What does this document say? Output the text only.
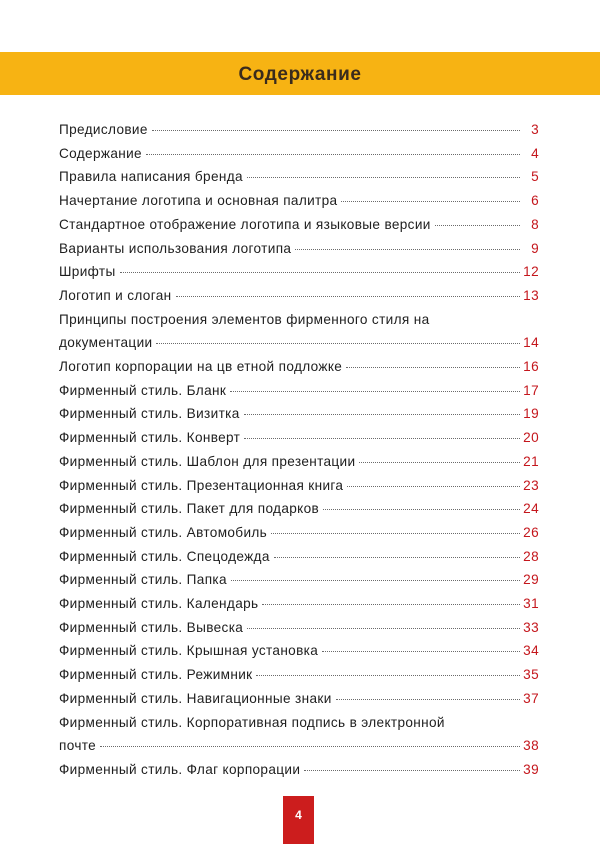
Содержание
Предисловие	3
Содержание	4
Правила написания бренда	5
Начертание логотипа и основная палитра	6
Стандартное отображение логотипа и языковые версии	8
Варианты использования логотипа	9
Шрифты	12
Логотип и слоган	13
Принципы построения элементов фирменного стиля на
документации	14
Логотип корпорации на цв етной подложке	16
Фирменный стиль. Бланк	17
Фирменный стиль. Визитка	19
Фирменный стиль. Конверт	20
Фирменный стиль. Шаблон для презентации	21
Фирменный стиль. Презентационная книга	23
Фирменный стиль. Пакет для подарков	24
Фирменный стиль. Автомобиль	26
Фирменный стиль. Спецодежда	28
Фирменный стиль. Папка	29
Фирменный стиль. Календарь	31
Фирменный стиль. Вывеска	33
Фирменный стиль. Крышная установка	34
Фирменный стиль. Режимник	35
Фирменный стиль. Навигационные знаки	37
Фирменный стиль. Корпоративная подпись в электронной
почте	38
Фирменный стиль. Флаг корпорации	39
4
